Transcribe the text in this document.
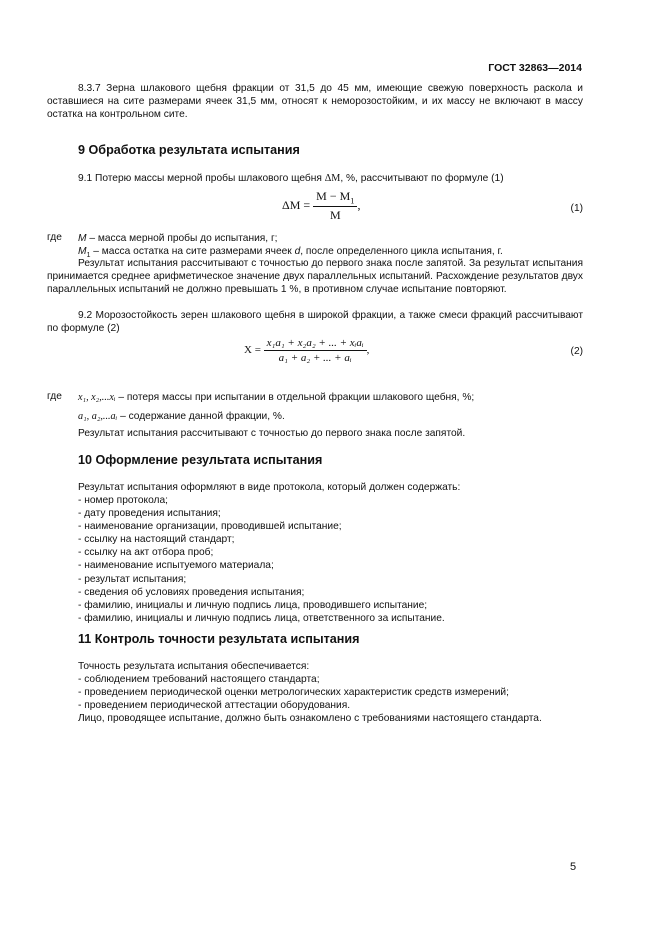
ГОСТ 32863—2014

8.3.7 Зерна шлакового щебня фракции от 31,5 до 45 мм, имеющие свежую поверхность раскола и оставшиеся на сите размерами ячеек 31,5 мм, относят к неморозостойким, и их массу не включают в массу остатка на контрольном сите.

9 Обработка результата испытания

9.1 Потерю массы мерной пробы шлакового щебня ΔM, %, рассчитывают по формуле (1)

$\Delta M = \frac{M - M_1}{M}$ ,	(1)
где M – масса мерной пробы до испытания, г;

$M_1$ – масса остатка на сите размерами ячеек d, после определенного цикла испытания, г.

Результат испытания рассчитывают с точностью до первого знака после запятой. За результат испытания принимается среднее арифметическое значение двух параллельных испытаний. Расхождение результатов двух параллельных испытаний не должно превышать 1 %, в противном случае испытание повторяют.

9.2 Морозостойкость зерен шлакового щебня в широкой фракции, а также смеси фракций рассчитывают по формуле (2)

$X = \frac{\text{x₁a₁ + x₂a₂ + ... + xᵢaᵢ}}{\text{a₁ + a₂ + ... + aᵢ}}$ ,	(2)
где x₁, x₂,...xᵢ – потеря массы при испытании в отдельной фракции шлакового щебня, %;

a₁, a₂,...aᵢ – содержание данной фракции, %.

Результат испытания рассчитывают с точностью до первого знака после запятой.

10 Оформление результата испытания

Результат испытания оформляют в виде протокола, который должен содержать:

- номер протокола;
- дату проведения испытания;
- наименование организации, проводившей испытание;
- ссылку на настоящий стандарт;
- ссылку на акт отбора проб;
- наименование испытуемого материала;
- результат испытания;
- сведения об условиях проведения испытания;
- фамилию, инициалы и личную подпись лица, проводившего испытание;
- фамилию, инициалы и личную подпись лица, ответственного за испытание.
11 Контроль точности результата испытания

Точность результата испытания обеспечивается:

- соблюдением требований настоящего стандарта;
- проведением периодической оценки метрологических характеристик средств измерений;
- проведением периодической аттестации оборудования.

Лицо, проводящее испытание, должно быть ознакомлено с требованиями настоящего стандарта.

5
